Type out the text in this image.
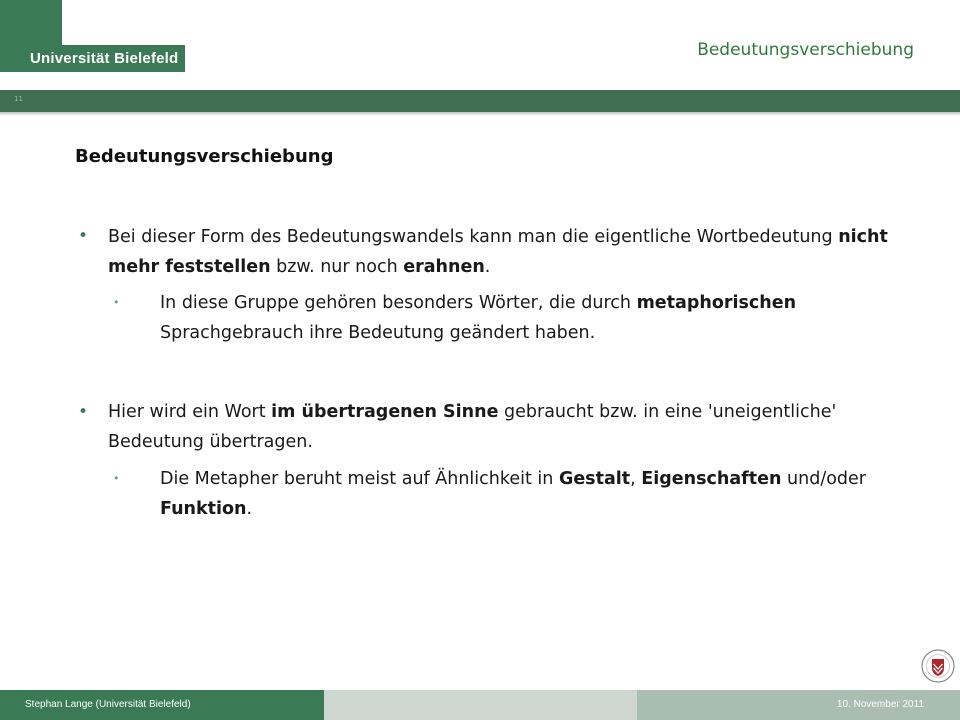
Universität Bielefeld	Bedeutungsverschiebung
11
Bedeutungsverschiebung
• Bei dieser Form des Bedeutungswandels kann man die eigentliche Wortbedeutung nicht mehr feststellen bzw. nur noch erahnen.
• In diese Gruppe gehören besonders Wörter, die durch metaphorischen Sprachgebrauch ihre Bedeutung geändert haben.
• Hier wird ein Wort im übertragenen Sinne gebraucht bzw. in eine 'uneigentliche' Bedeutung übertragen.
• Die Metapher beruht meist auf Ähnlichkeit in Gestalt, Eigenschaften und/oder Funktion.
Stephan Lange (Universität Bielefeld)	10. November 2011
